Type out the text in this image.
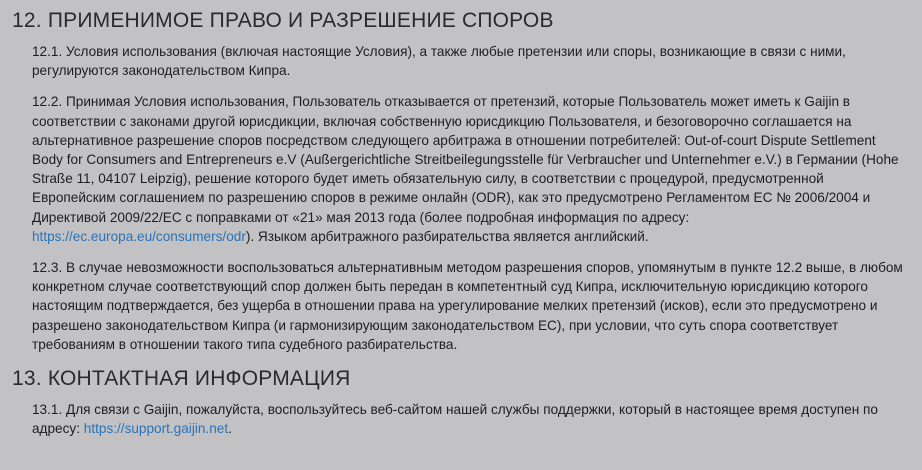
12. ПРИМЕНИМОЕ ПРАВО И РАЗРЕШЕНИЕ СПОРОВ

12.1. Условия использования (включая настоящие Условия), а также любые претензии или споры, возникающие в связи с ними, регулируются законодательством Кипра.

12.2. Принимая Условия использования, Пользователь отказывается от претензий, которые Пользователь может иметь к Gaijin в соответствии с законами другой юрисдикции, включая собственную юрисдикцию Пользователя, и безоговорочно соглашается на альтернативное разрешение споров посредством следующего арбитража в отношении потребителей: Out-of-court Dispute Settlement Body for Consumers and Entrepreneurs e.V (Außergerichtliche Streitbeilegungsstelle für Verbraucher und Unternehmer e.V.) в Германии (Hohe Straße 11, 04107 Leipzig), решение которого будет иметь обязательную силу, в соответствии с процедурой, предусмотренной Европейским соглашением по разрешению споров в режиме онлайн (ODR), как это предусмотрено Регламентом ЕС № 2006/2004 и Директивой 2009/22/ЕС с поправками от «21» мая 2013 года (более подробная информация по адресу: https://ec.europa.eu/consumers/odr). Языком арбитражного разбирательства является английский.

12.3. В случае невозможности воспользоваться альтернативным методом разрешения споров, упомянутым в пункте 12.2 выше, в любом конкретном случае соответствующий спор должен быть передан в компетентный суд Кипра, исключительную юрисдикцию которого настоящим подтверждается, без ущерба в отношении права на урегулирование мелких претензий (исков), если это предусмотрено и разрешено законодательством Кипра (и гармонизирующим законодательством ЕС), при условии, что суть спора соответствует требованиям в отношении такого типа судебного разбирательства.

13. КОНТАКТНАЯ ИНФОРМАЦИЯ

13.1. Для связи с Gaijin, пожалуйста, воспользуйтесь веб-сайтом нашей службы поддержки, который в настоящее время доступен по адресу: https://support.gaijin.net.
